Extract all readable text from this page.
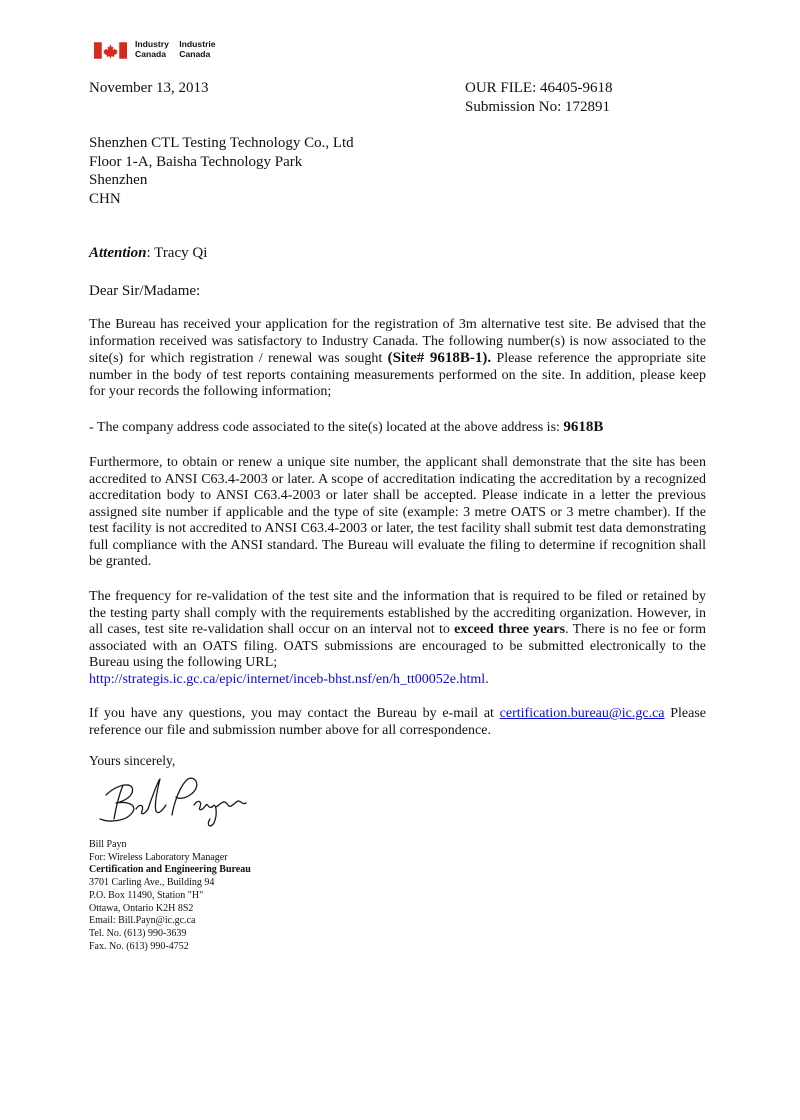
Industry
Canada

Industrie
Canada
November 13, 2013	OUR FILE: 46405-9618
Submission No: 172891
Shenzhen CTL Testing Technology Co., Ltd
Floor 1-A, Baisha Technology Park
Shenzhen
CHN
Attention: Tracy Qi
Dear Sir/Madame:
The Bureau has received your application for the registration of 3m alternative test site. Be advised that the information received was satisfactory to Industry Canada. The following number(s) is now associated to the site(s) for which registration / renewal was sought (Site# 9618B-1). Please reference the appropriate site number in the body of test reports containing measurements performed on the site. In addition, please keep for your records the following information;
- The company address code associated to the site(s) located at the above address is: 9618B
Furthermore, to obtain or renew a unique site number, the applicant shall demonstrate that the site has been accredited to ANSI C63.4-2003 or later. A scope of accreditation indicating the accreditation by a recognized accreditation body to ANSI C63.4-2003 or later shall be accepted. Please indicate in a letter the previous assigned site number if applicable and the type of site (example: 3 metre OATS or 3 metre chamber). If the test facility is not accredited to ANSI C63.4-2003 or later, the test facility shall submit test data demonstrating full compliance with the ANSI standard. The Bureau will evaluate the filing to determine if recognition shall be granted.
The frequency for re-validation of the test site and the information that is required to be filed or retained by the testing party shall comply with the requirements established by the accrediting organization. However, in all cases, test site re-validation shall occur on an interval not to exceed three years. There is no fee or form associated with an OATS filing. OATS submissions are encouraged to be submitted electronically to the Bureau using the following URL;
http://strategis.ic.gc.ca/epic/internet/inceb-bhst.nsf/en/h_tt00052e.html.
If you have any questions, you may contact the Bureau by e-mail at certification.bureau@ic.gc.ca Please reference our file and submission number above for all correspondence.
Yours sincerely,
Bill Payn
For: Wireless Laboratory Manager
Certification and Engineering Bureau
3701 Carling Ave., Building 94
P.O. Box 11490, Station "H"
Ottawa, Ontario K2H 8S2
Email: Bill.Payn@ic.gc.ca
Tel. No. (613) 990-3639
Fax. No. (613) 990-4752
